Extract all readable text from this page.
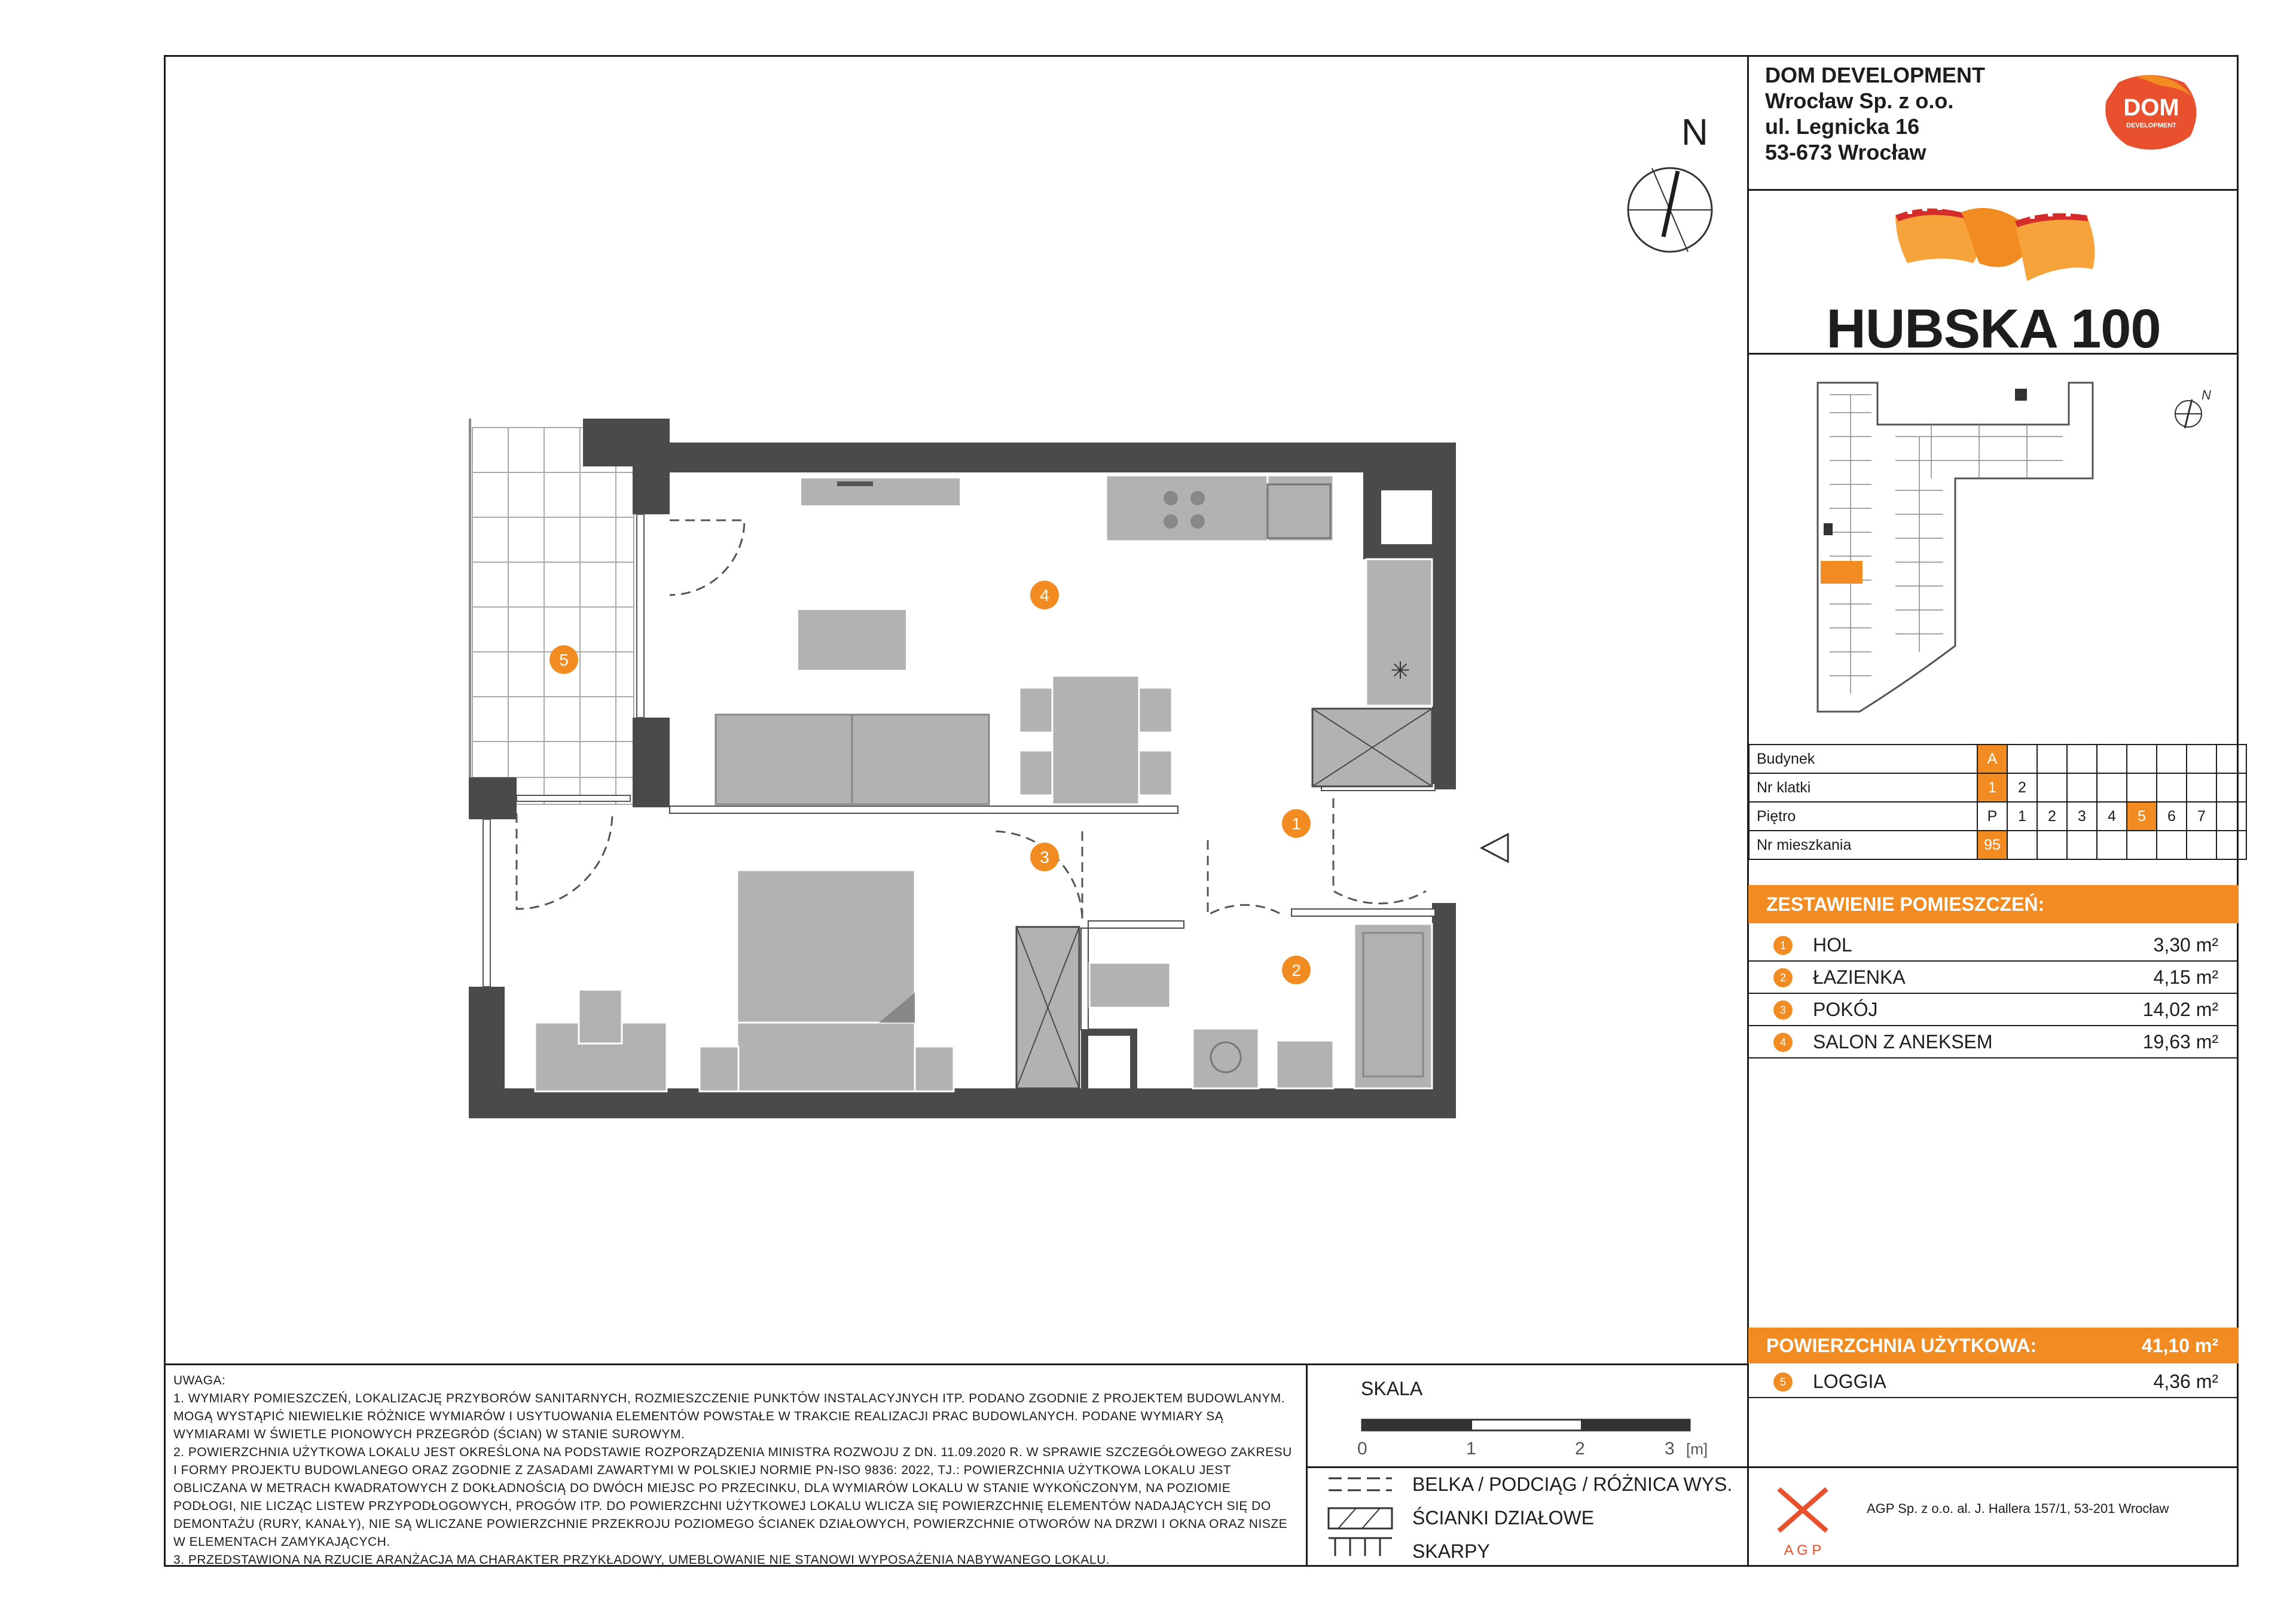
DOM DEVELOPMENT
Wrocław Sp. z o.o.
ul. Legnicka 16
53-673 Wrocław
DOM
DEVELOPMENT
HUBSKA 100
N
Budynek	A								
Nr klatki	1	2							
Piętro	P	1	2	3	4	5	6	7	
Nr mieszkania	95								
ZESTAWIENIE POMIESZCZEŃ:
1	HOL	3,30 m²
2	ŁAZIENKA	4,15 m²
3	POKÓJ	14,02 m²
4	SALON Z ANEKSEM	19,63 m²
POWIERZCHNIA UŻYTKOWA:	41,10 m²
5	LOGGIA	4,36 m²
N
✳
1
2
3
4
5
UWAGA:
1. WYMIARY POMIESZCZEŃ, LOKALIZACJĘ PRZYBORÓW SANITARNYCH, ROZMIESZCZENIE PUNKTÓW INSTALACYJNYCH ITP. PODANO ZGODNIE Z PROJEKTEM BUDOWLANYM.
MOGĄ WYSTĄPIĆ NIEWIELKIE RÓŻNICE WYMIARÓW I USYTUOWANIA ELEMENTÓW POWSTAŁE W TRAKCIE REALIZACJI PRAC BUDOWLANYCH. PODANE WYMIARY SĄ
WYMIARAMI W ŚWIETLE PIONOWYCH PRZEGRÓD (ŚCIAN) W STANIE SUROWYM.
2. POWIERZCHNIA UŻYTKOWA LOKALU JEST OKREŚLONA NA PODSTAWIE ROZPORZĄDZENIA MINISTRA ROZWOJU Z DN. 11.09.2020 R. W SPRAWIE SZCZEGÓŁOWEGO ZAKRESU
I FORMY PROJEKTU BUDOWLANEGO ORAZ ZGODNIE Z ZASADAMI ZAWARTYMI W POLSKIEJ NORMIE PN-ISO 9836: 2022, TJ.: POWIERZCHNIA UŻYTKOWA LOKALU JEST
OBLICZANA W METRACH KWADRATOWYCH Z DOKŁADNOŚCIĄ DO DWÓCH MIEJSC PO PRZECINKU, DLA WYMIARÓW LOKALU W STANIE WYKOŃCZONYM, NA POZIOMIE
PODŁOGI, NIE LICZĄC LISTEW PRZYPODŁOGOWYCH, PROGÓW ITP. DO POWIERZCHNI UŻYTKOWEJ LOKALU WLICZA SIĘ POWIERZCHNIĘ ELEMENTÓW NADAJĄCYCH SIĘ DO
DEMONTAŻU (RURY, KANAŁY), NIE SĄ WLICZANE POWIERZCHNIE PRZEKROJU POZIOMEGO ŚCIANEK DZIAŁOWYCH, POWIERZCHNIE OTWORÓW NA DRZWI I OKNA ORAZ NISZE
W ELEMENTACH ZAMYKAJĄCYCH.
3. PRZEDSTAWIONA NA RZUCIE ARANŻACJA MA CHARAKTER PRZYKŁADOWY, UMEBLOWANIE NIE STANOWI WYPOSAŻENIA NABYWANEGO LOKALU.
SKALA
0	1	2	3 [m]
BELKA / PODCIĄG / RÓŻNICA WYS.
ŚCIANKI DZIAŁOWE
SKARPY	A G P
AGP Sp. z o.o. al. J. Hallera 157/1, 53-201 Wrocław
